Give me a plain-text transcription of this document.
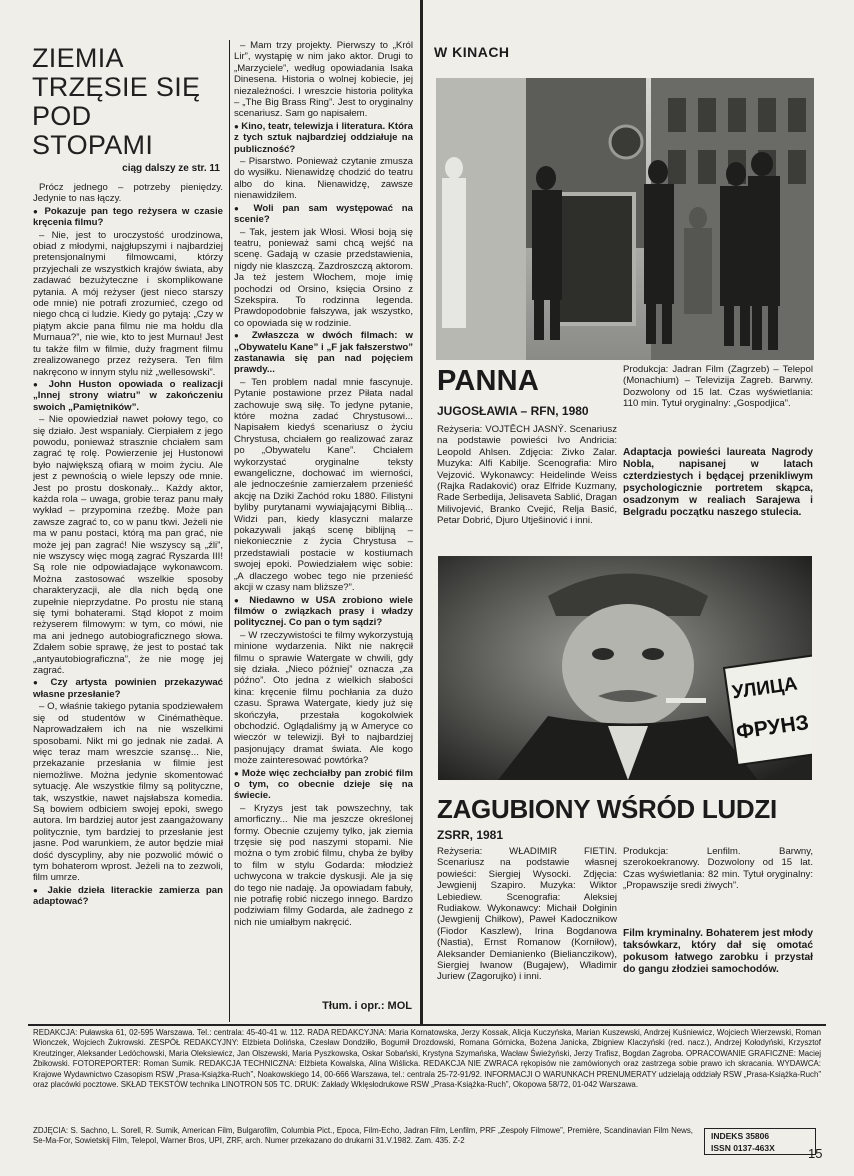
ZIEMIA
TRZĘSIE SIĘ
POD
STOPAMI
ciąg dalszy ze str. 11

Prócz jednego – potrzeby pieniędzy. Jedynie to nas łączy.

● Pokazuje pan tego reżysera w czasie kręcenia filmu?

– Nie, jest to uroczystość urodzinowa, obiad z młodymi, najgłupszymi i najbardziej pretensjonalnymi filmowcami, którzy przyjechali ze wszystkich krajów świata, aby zadawać bezużyteczne i skomplikowane pytania. A mój reżyser (jest nieco starszy ode mnie) nie potrafi zrozumieć, czego od niego chcą ci ludzie. Kiedy go pytają: „Czy w piątym akcie pana filmu nie ma hołdu dla Murnaua?”, nie wie, kto to jest Murnau! Jest tu także film w filmie, duży fragment filmu zrealizowanego przez reżysera. Ten film nakręcono w innym stylu niż „wellesowski”.

● John Huston opowiada o realizacji „Innej strony wiatru” w zakończeniu swoich „Pamiętników”.

– Nie opowiedział nawet połowy tego, co się działo. Jest wspaniały. Cierpiałem z jego powodu, ponieważ strasznie chciałem sam zagrać tę rolę. Powierzenie jej Hustonowi było największą ofiarą w moim życiu. Ale jest z pewnością o wiele lepszy ode mnie. Jest po prostu doskonały... Każdy aktor, każda rola – uwaga, grobie teraz panu mały wykład – przypomina rzeźbę. Może pan zawsze zagrać to, co w panu tkwi. Jeżeli nie ma w panu postaci, którą ma pan grać, nie może jej pan zagrać! Nie wszyscy są „źli”, nie wszyscy więc mogą zagrać Ryszarda III! Są role nie odpowiadające wykonawcom. Można zastosować wszelkie sposoby charakteryzacji, ale dla nich będą one zupełnie nieprzydatne. Po prostu nie staną się tymi bohaterami. Stąd kłopot z moim reżyserem filmowym: w tym, co mówi, nie ma ani jednego autobiograficznego słowa. Zdałem sobie sprawę, że jest to postać tak „antyautobiograficzna”, że nie mogę jej zagrać.

● Czy artysta powinien przekazywać własne przesłanie?

– O, właśnie takiego pytania spodziewałem się od studentów w Cinémathèque. Naprowadzałem ich na nie wszelkimi sposobami. Nikt mi go jednak nie zadał. A więc teraz mam wreszcie szansę... Nie, przekazanie przesłania w filmie jest niemożliwe. Można jedynie skomentować sytuację. Ale wszystkie filmy są polityczne, tak, wszystkie, nawet najsłabsza komedia. Są bowiem odbiciem swojej epoki, swego autora. Im bardziej autor jest zaangażowany politycznie, tym bardziej to przesłanie jest jasne. Pod warunkiem, że autor będzie miał dość dyscypliny, aby nie pozwolić mówić o tym bohaterom wprost. Jeżeli na to zezwoli, film umrze.

● Jakie dzieła literackie zamierza pan adaptować?

– Mam trzy projekty. Pierwszy to „Król Lir”, wystąpię w nim jako aktor. Drugi to „Marzyciele”, według opowiadania Isaka Dinesena. Historia o wolnej kobiecie, jej niezależności. I wreszcie historia polityka – „The Big Brass Ring”. Jest to oryginalny scenariusz. Sam go napisałem.

● Kino, teatr, telewizja i literatura. Która z tych sztuk najbardziej oddziałuje na publiczność?

– Pisarstwo. Ponieważ czytanie zmusza do wysiłku. Nienawidzę chodzić do teatru albo do kina. Nienawidzę, zawsze nienawidziłem.

● Woli pan sam występować na scenie?

– Tak, jestem jak Włosi. Włosi boją się teatru, ponieważ sami chcą wejść na scenę. Gadają w czasie przedstawienia, nigdy nie klaszczą. Zazdroszczą aktorom. Ja też jestem Włochem, moje imię pochodzi od Orsino, księcia Orsino z Szekspira. To rodzinna legenda. Prawdopodobnie fałszywa, jak wszystko, co opowiada się w rodzinie.

● Zwłaszcza w dwóch filmach: w „Obywatelu Kane” i „F jak fałszerstwo” zastanawia się pan nad pojęciem prawdy...

– Ten problem nadal mnie fascynuje. Pytanie postawione przez Piłata nadal zachowuje swą siłę. To jedyne pytanie, które można zadać Chrystusowi... Napisałem kiedyś scenariusz o życiu Chrystusa, chciałem go realizować zaraz po „Obywatelu Kane”. Chciałem wykorzystać oryginalne teksty ewangeliczne, dochować im wierności, ale jednocześnie zamierzałem przenieść akcję na Dziki Zachód roku 1880. Filistyni byliby purytanami wywiajającymi Biblią... Widzi pan, kiedy klasyczni malarze pokazywali jakąś scenę biblijną – niekoniecznie z życia Chrystusa – przedstawiali postacie w kostiumach swojej epoki. Powiedziałem więc sobie: „A dlaczego wobec tego nie przenieść akcji w czasy nam bliższe?”.

● Niedawno w USA zrobiono wiele filmów o związkach prasy i władzy politycznej. Co pan o tym sądzi?

– W rzeczywistości te filmy wykorzystują minione wydarzenia. Nikt nie nakręcił filmu o sprawie Watergate w chwili, gdy się działa. „Nieco później” oznacza „za późno”. Oto jedna z wielkich słabości kina: kręcenie filmu pochłania za dużo czasu. Sprawa Watergate, kiedy już się skończyła, przestała kogokolwiek obchodzić. Oglądaliśmy ją w Ameryce co wieczór w telewizji. Był to najbardziej pasjonujący dramat świata. Ale kogo może zainteresować powtórka?

● Może więc zechciałby pan zrobić film o tym, co obecnie dzieje się na świecie.

– Kryzys jest tak powszechny, tak amorficzny... Nie ma jeszcze określonej formy. Obecnie czujemy tylko, jak ziemia trzęsie się pod naszymi stopami. Nie można o tym zrobić filmu, chyba że byłby to film w stylu Godarda: młodzież uchwycona w trakcie dyskusji. Ale ja się do tego nie nadaję. Ja opowiadam fabuły, nie potrafię robić niczego innego. Bardzo podziwiam filmy Godarda, ale żadnego z nich nie umiałbym nakręcić.

Tłum. i opr.: MOL
W KINACH
PANNA
JUGOSŁAWIA – RFN, 1980
Reżyseria: VOJTĚCH JASNÝ. Scenariusz na podstawie powieści Ivo Andricia: Leopold Ahlsen. Zdjęcia: Zivko Zalar. Muzyka: Alfi Kabilje. Scenografia: Miro Vejzović. Wykonawcy: Heidelinde Weiss (Rajka Radaković) oraz Elfride Kuzmany, Rade Serbedija, Jelisaveta Sablić, Dragan Milivojević, Branko Cvejić, Relja Basić, Petar Dobrić, Djuro Utješinović i inni.
Produkcja: Jadran Film (Zagrzeb) – Telepol (Monachium) – Televizija Zagreb. Barwny. Dozwolony od 15 lat. Czas wyświetlania: 110 min. Tytuł oryginalny: „Gospodjica”.
Adaptacja powieści laureata Nagrody Nobla, napisanej w latach czterdziestych i będącej przenikliwym psychologicznie portretem skąpca, osadzonym w realiach Sarajewa i Belgradu początku naszego stulecia.
УЛИЦА
ФРУНЗ
ZAGUBIONY WŚRÓD LUDZI
ZSRR, 1981
Reżyseria: WŁADIMIR FIETIN. Scenariusz na podstawie własnej powieści: Siergiej Wysocki. Zdjęcia: Jewgienij Szapiro. Muzyka: Wiktor Lebiediew. Scenografia: Aleksiej Rudiakow. Wykonawcy: Michaił Dołginin (Jewgienij Chiłkow), Paweł Kadocznikow (Fiodor Kaszlew), Irina Bogdanowa (Nastia), Ernst Romanow (Korniłow), Aleksander Demianienko (Bielianczikow), Siergiej Iwanow (Bugajew), Władimir Juriew (Zagorujko) i inni.
Produkcja: Lenfilm. Barwny, szerokoekranowy. Dozwolony od 15 lat. Czas wyświetlania: 82 min. Tytuł oryginalny: „Propawszije sredi żiwych”.
Film kryminalny. Bohaterem jest młody taksówkarz, który dał się omotać pokusom łatwego zarobku i przystał do gangu złodziei samochodów.
REDAKCJA: Puławska 61, 02-595 Warszawa. Tel.: centrala: 45-40-41 w. 112. RADA REDAKCYJNA: Maria Kornatowska, Jerzy Kossak, Alicja Kuczyńska, Marian Kuszewski, Andrzej Kuśniewicz, Wojciech Wierzewski, Roman Wionczek, Wojciech Żukrowski. ZESPÓŁ REDAKCYJNY: Elżbieta Dolińska, Czesław Dondziłło, Bogumił Drozdowski, Romana Górnicka, Bożena Janicka, Zbigniew Klaczyński (red. nacz.), Andrzej Kołodyński, Krzysztof Kreutzinger, Aleksander Ledóchowski, Maria Oleksiewicz, Jan Olszewski, Maria Pyszkowska, Oskar Sobański, Krystyna Szymańska, Wacław Świeżyński, Jerzy Trafisz, Bogdan Zagroba. OPRACOWANIE GRAFICZNE: Maciej Żbikowski. FOTOREPORTER: Roman Sumik. REDAKCJA TECHNICZNA: Elżbieta Kowalska, Alina Wiślicka. REDAKCJA NIE ZWRACA rękopisów nie zamówionych oraz zastrzega sobie prawo ich skracania. WYDAWCA: Krajowe Wydawnictwo Czasopism RSW „Prasa-Książka-Ruch”, Noakowskiego 14, 00-666 Warszawa, tel.: centrala 25-72-91/92. INFORMACJI O WARUNKACH PRENUMERATY udzielają oddziały RSW „Prasa-Książka-Ruch” oraz placówki pocztowe. SKŁAD TEKSTÓW technika LINOTRON 505 TC. DRUK: Zakłady Wklęsłodrukowe RSW „Prasa-Książka-Ruch”, Okopowa 58/72, 01-042 Warszawa.
ZDJĘCIA: S. Sachno, L. Sorell, R. Sumik, American Film, Bulgarofilm, Columbia Pict., Epoca, Film-Echo, Jadran Film, Lenfilm, PRF „Zespoły Filmowe”, Première, Scandinavian Film News, Se-Ma-For, Sowietskij Film, Telepol, Warner Bros, UPI, ZRF, arch. Numer przekazano do drukarni 31.V.1982. Zam. 435. Z-2	INDEKS 35806
ISSN 0137-463X	15
